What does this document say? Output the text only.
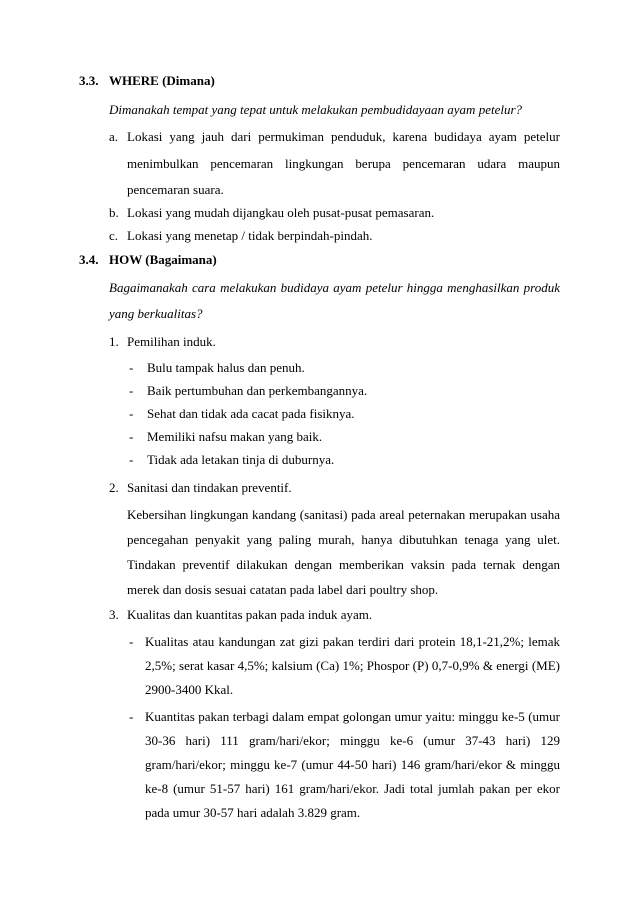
3.3. WHERE (Dimana)
Dimanakah tempat yang tepat untuk melakukan pembudidayaan ayam petelur?
a. Lokasi yang jauh dari permukiman penduduk, karena budidaya ayam petelur
menimbulkan pencemaran lingkungan berupa pencemaran udara maupun
pencemaran suara.
b. Lokasi yang mudah dijangkau oleh pusat-pusat pemasaran.
c. Lokasi yang menetap / tidak berpindah-pindah.
3.4. HOW (Bagaimana)
Bagaimanakah cara melakukan budidaya ayam petelur hingga menghasilkan produk
yang berkualitas?
1. Pemilihan induk.
- Bulu tampak halus dan penuh.
- Baik pertumbuhan dan perkembangannya.
- Sehat dan tidak ada cacat pada fisiknya.
- Memiliki nafsu makan yang baik.
- Tidak ada letakan tinja di duburnya.
2. Sanitasi dan tindakan preventif.
Kebersihan lingkungan kandang (sanitasi) pada areal peternakan merupakan usaha
pencegahan penyakit yang paling murah, hanya dibutuhkan tenaga yang ulet.
Tindakan preventif dilakukan dengan memberikan vaksin pada ternak dengan
merek dan dosis sesuai catatan pada label dari poultry shop.
3. Kualitas dan kuantitas pakan pada induk ayam.
- Kualitas atau kandungan zat gizi pakan terdiri dari protein 18,1-21,2%; lemak
2,5%; serat kasar 4,5%; kalsium (Ca) 1%; Phospor (P) 0,7-0,9% & energi (ME)
2900-3400 Kkal.
- Kuantitas pakan terbagi dalam empat golongan umur yaitu: minggu ke-5 (umur
30-36 hari) 111 gram/hari/ekor; minggu ke-6 (umur 37-43 hari) 129
gram/hari/ekor; minggu ke-7 (umur 44-50 hari) 146 gram/hari/ekor & minggu
ke-8 (umur 51-57 hari) 161 gram/hari/ekor. Jadi total jumlah pakan per ekor
pada umur 30-57 hari adalah 3.829 gram.
